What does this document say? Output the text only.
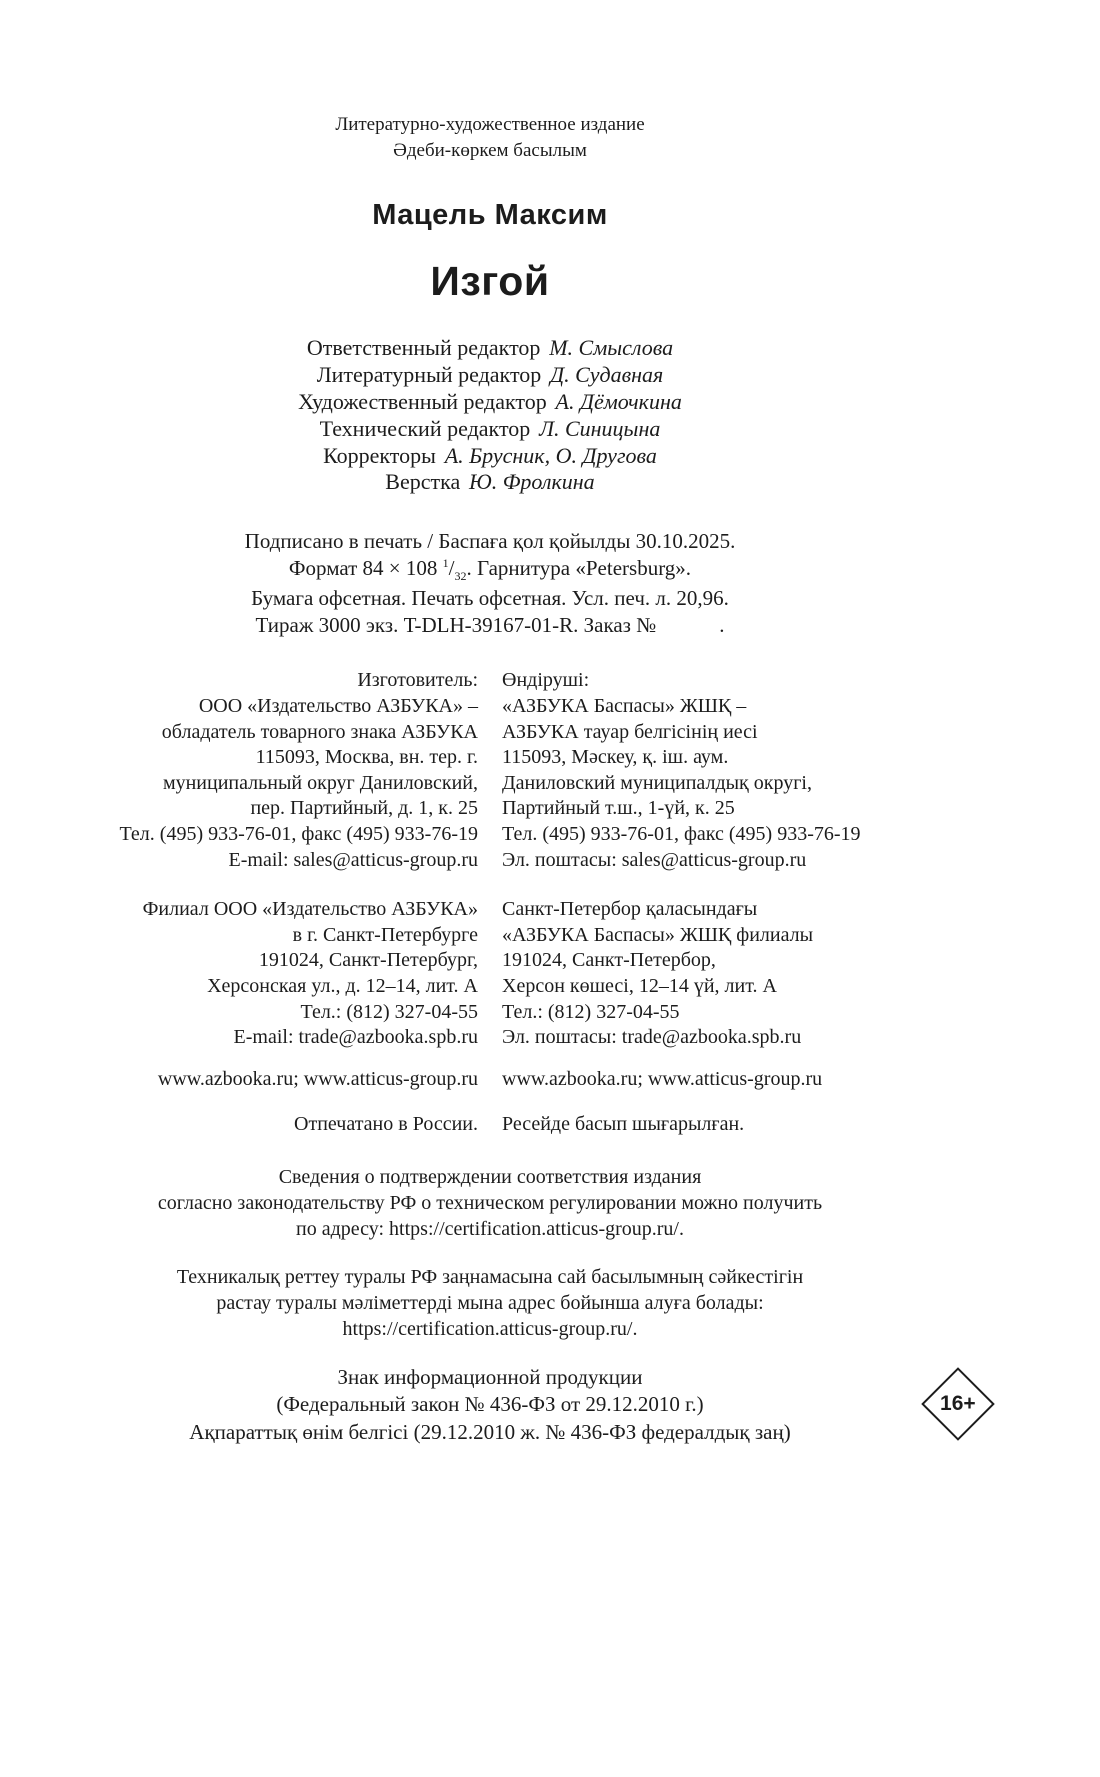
Литературно-художественное издание
Әдеби-көркем басылым
Мацель Максим
Изгой
Ответственный редактор М. Смыслова
Литературный редактор Д. Судавная
Художественный редактор А. Дёмочкина
Технический редактор Л. Синицына
Корректоры А. Брусник, О. Другова
Верстка Ю. Фролкина
Подписано в печать / Баспаға қол қойылды 30.10.2025.
Формат 84 × 108 $^1/_{32}$. Гарнитура «Petersburg».
Бумага офсетная. Печать офсетная. Усл. печ. л. 20,96.
Тираж 3000 экз. T-DLH-39167-01-R. Заказ №            .
Изготовитель:
ООО «Издательство АЗБУКА» –
обладатель товарного знака АЗБУКА
115093, Москва, вн. тер. г.
муниципальный округ Даниловский,
пер. Партийный, д. 1, к. 25
Тел. (495) 933-76-01, факс (495) 933-76-19
E-mail: sales@atticus-group.ru
Өндіруші:
«АЗБУКА Баспасы» ЖШҚ –
АЗБУКА тауар белгісінің иесі
115093, Мәскеу, қ. іш. аум.
Даниловский муниципалдық округі,
Партийный т.ш., 1-үй, к. 25
Тел. (495) 933-76-01, факс (495) 933-76-19
Эл. поштасы: sales@atticus-group.ru
Филиал ООО «Издательство АЗБУКА»
в г. Санкт-Петербурге
191024, Санкт-Петербург,
Херсонская ул., д. 12–14, лит. А
Тел.: (812) 327-04-55
E-mail: trade@azbooka.spb.ru
Санкт-Петербор қаласындағы
«АЗБУКА Баспасы» ЖШҚ филиалы
191024, Санкт-Петербор,
Херсон көшесі, 12–14 үй, лит. А
Тел.: (812) 327-04-55
Эл. поштасы: trade@azbooka.spb.ru
www.azbooka.ru; www.atticus-group.ru www.azbooka.ru; www.atticus-group.ru
Отпечатано в России. Ресейде басып шығарылған.
Сведения о подтверждении соответствия издания
согласно законодательству РФ о техническом регулировании можно получить
по адресу: https://certification.atticus-group.ru/.
Техникалық реттеу туралы РФ заңнамасына сай басылымның сәйкестігін
растау туралы мәліметтерді мына адрес бойынша алуға болады:
https://certification.atticus-group.ru/.
Знак информационной продукции
(Федеральный закон № 436-ФЗ от 29.12.2010 г.)
Ақпараттық өнім белгісі (29.12.2010 ж. № 436-ФЗ федералдық заң)
16+
